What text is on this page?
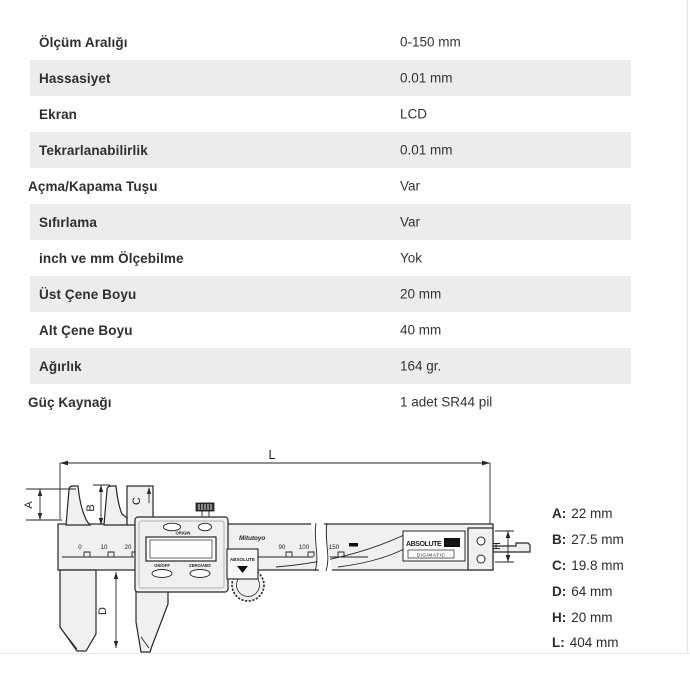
Ölçüm Aralığı	0-150 mm
Hassasiyet	0.01 mm
Ekran	LCD
Tekrarlanabilirlik	0.01 mm
Açma/Kapama Tuşu	Var
Sıfırlama	Var
inch ve mm Ölçebilme	Yok
Üst Çene Boyu	20 mm
Alt Çene Boyu	40 mm
Ağırlık	164 gr.
Güç Kaynağı	1 adet SR44 pil
L
0	10	20	90 100	150	H
ABSOLUTE AOS
DIGIMATIC
C
A	B
D
ORIGIN
ON/OFF	ZERO/ABS
Mitutoyo
ABSOLUTE
A: 22 mm
B: 27.5 mm
C: 19.8 mm
D: 64 mm
H: 20 mm
L: 404 mm
